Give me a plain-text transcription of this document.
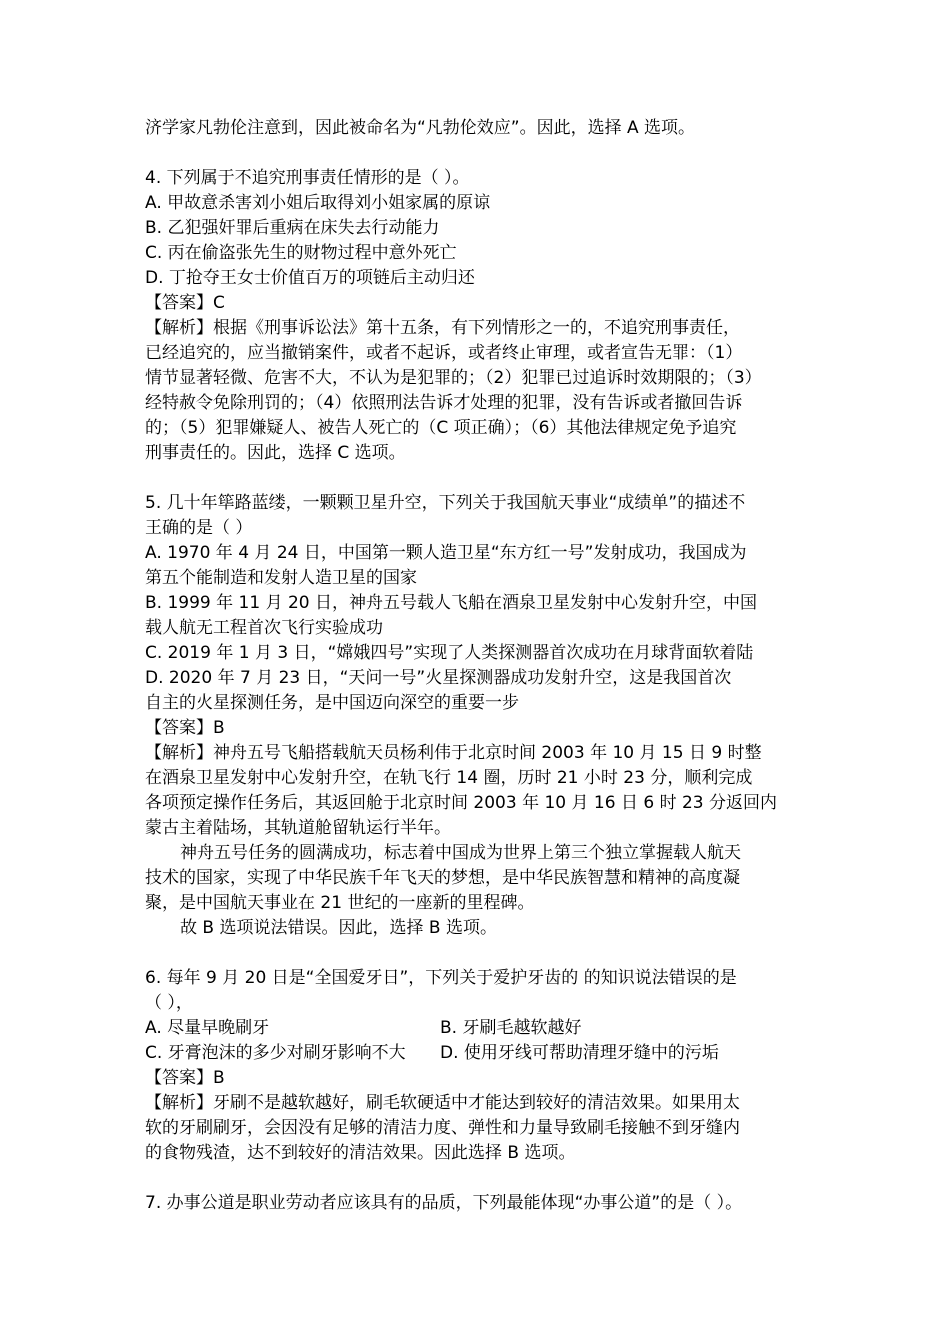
济学家凡勃伦注意到，因此被命名为“凡勃伦效应”。因此，选择 A 选项。
4. 下列属于不追究刑事责任情形的是（ ）。
A. 甲故意杀害刘小姐后取得刘小姐家属的原谅
B. 乙犯强奸罪后重病在床失去行动能力
C. 丙在偷盗张先生的财物过程中意外死亡
D. 丁抢夺王女士价值百万的项链后主动归还
【答案】C
【解析】根据《刑事诉讼法》第十五条，有下列情形之一的，不追究刑事责任，
已经追究的，应当撤销案件，或者不起诉，或者终止审理，或者宣告无罪：（1）
情节显著轻微、危害不大，不认为是犯罪的；（2）犯罪已过追诉时效期限的；（3）
经特赦令免除刑罚的；（4）依照刑法告诉才处理的犯罪，没有告诉或者撤回告诉
的；（5）犯罪嫌疑人、被告人死亡的（C 项正确）；（6）其他法律规定免予追究
刑事责任的。因此，选择 C 选项。
5. 几十年筚路蓝缕，一颗颗卫星升空，下列关于我国航天事业“成绩单”的描述不
王确的是（ ）
A. 1970 年 4 月 24 日，中国第一颗人造卫星“东方红一号”发射成功，我国成为
第五个能制造和发射人造卫星的国家
B. 1999 年 11 月 20 日，神舟五号载人飞船在酒泉卫星发射中心发射升空，中国
载人航无工程首次飞行实验成功
C. 2019 年 1 月 3 日，“嫦娥四号”实现了人类探测器首次成功在月球背面软着陆
D. 2020 年 7 月 23 日，“天问一号”火星探测器成功发射升空，这是我国首次
自主的火星探测任务，是中国迈向深空的重要一步
【答案】B
【解析】神舟五号飞船搭载航天员杨利伟于北京时间 2003 年 10 月 15 日 9 时整
在酒泉卫星发射中心发射升空，在轨飞行 14 圈，历时 21 小时 23 分，顺利完成
各项预定操作任务后，其返回舱于北京时间 2003 年 10 月 16 日 6 时 23 分返回内
蒙古主着陆场，其轨道舱留轨运行半年。
神舟五号任务的圆满成功，标志着中国成为世界上第三个独立掌握载人航天
技术的国家，实现了中华民族千年飞天的梦想，是中华民族智慧和精神的高度凝
聚，是中国航天事业在 21 世纪的一座新的里程碑。
故 B 选项说法错误。因此，选择 B 选项。
6. 每年 9 月 20 日是“全国爱牙日”，下列关于爱护牙齿的 的知识说法错误的是
（ ），
A. 尽量早晚刷牙	B. 牙刷毛越软越好
C. 牙膏泡沫的多少对刷牙影响不大 D. 使用牙线可帮助清理牙缝中的污垢
【答案】B
【解析】牙刷不是越软越好，刷毛软硬适中才能达到较好的清洁效果。如果用太
软的牙刷刷牙，会因没有足够的清洁力度、弹性和力量导致刷毛接触不到牙缝内
的食物残渣，达不到较好的清洁效果。因此选择 B 选项。
7. 办事公道是职业劳动者应该具有的品质，下列最能体现“办事公道”的是（ ）。
